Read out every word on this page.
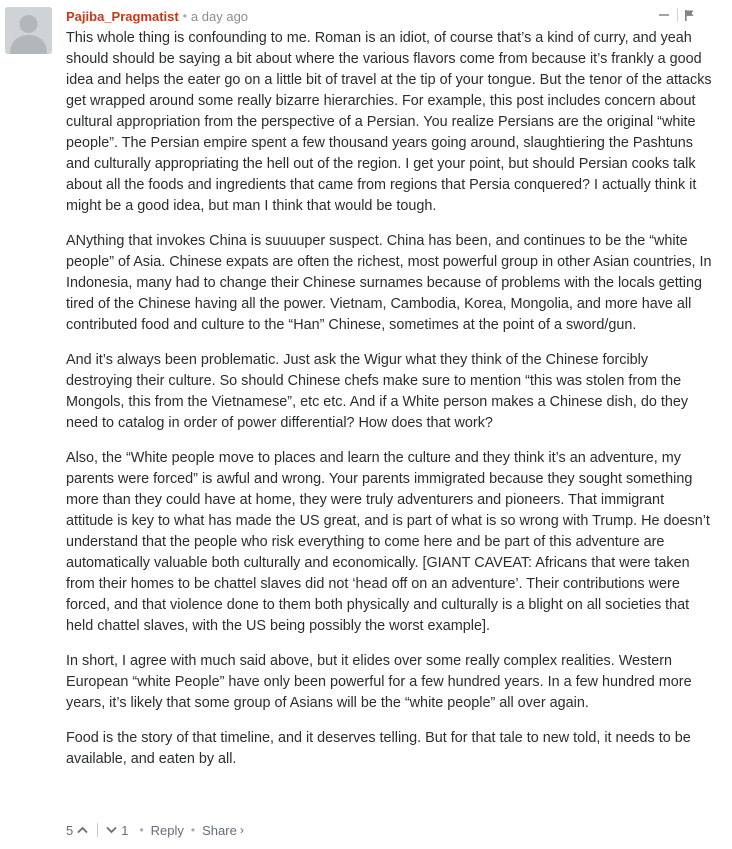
Pajiba_Pragmatist • a day ago

This whole thing is confounding to me. Roman is an idiot, of course that’s a kind of curry, and yeah should should be saying a bit about where the various flavors come from because it’s frankly a good idea and helps the eater go on a little bit of travel at the tip of your tongue. But the tenor of the attacks get wrapped around some really bizarre hierarchies. For example, this post includes concern about cultural appropriation from the perspective of a Persian. You realize Persians are the original “white people”. The Persian empire spent a few thousand years going around, slaughtiering the Pashtuns and culturally appropriating the hell out of the region. I get your point, but should Persian cooks talk about all the foods and ingredients that came from regions that Persia conquered? I actually think it might be a good idea, but man I think that would be tough.

ANything that invokes China is suuuuper suspect. China has been, and continues to be the “white people” of Asia. Chinese expats are often the richest, most powerful group in other Asian countries, In Indonesia, many had to change their Chinese surnames because of problems with the locals getting tired of the Chinese having all the power. Vietnam, Cambodia, Korea, Mongolia, and more have all contributed food and culture to the “Han” Chinese, sometimes at the point of a sword/gun.

And it’s always been problematic. Just ask the Wigur what they think of the Chinese forcibly destroying their culture. So should Chinese chefs make sure to mention “this was stolen from the Mongols, this from the Vietnamese”, etc etc. And if a White person makes a Chinese dish, do they need to catalog in order of power differential? How does that work?

Also, the “White people move to places and learn the culture and they think it’s an adventure, my parents were forced” is awful and wrong. Your parents immigrated because they sought something more than they could have at home, they were truly adventurers and pioneers. That immigrant attitude is key to what has made the US great, and is part of what is so wrong with Trump. He doesn’t understand that the people who risk everything to come here and be part of this adventure are automatically valuable both culturally and economically. [GIANT CAVEAT: Africans that were taken from their homes to be chattel slaves did not ‘head off on an adventure’. Their contributions were forced, and that violence done to them both physically and culturally is a blight on all societies that held chattel slaves, with the US being possibly the worst example].

In short, I agree with much said above, but it elides over some really complex realities. Western European “white People” have only been powerful for a few hundred years. In a few hundred more years, it’s likely that some group of Asians will be the “white people” all over again.

Food is the story of that timeline, and it deserves telling. But for that tale to new told, it needs to be available, and eaten by all.

5	1 • Reply • Share ›
